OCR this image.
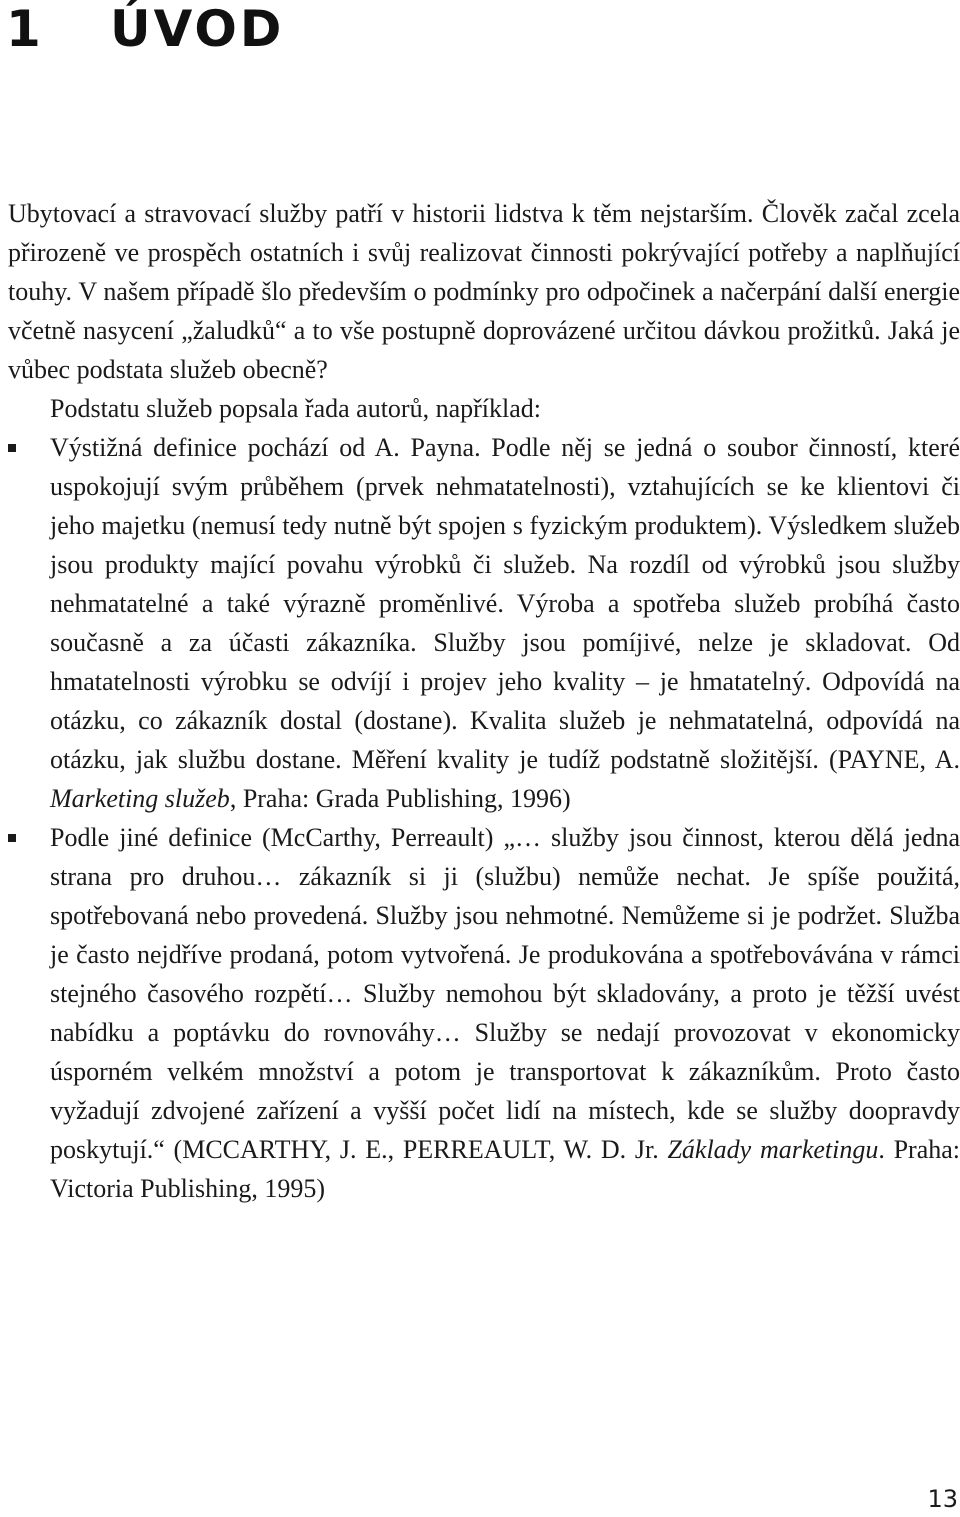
1 ÚVOD

Ubytovací a stravovací služby patří v historii lidstva k těm nejstarším. Člověk začal zcela přirozeně ve prospěch ostatních i svůj realizovat činnosti pokrývající potřeby a naplňující touhy. V našem případě šlo především o podmínky pro odpočinek a načerpání další energie včetně nasycení „žaludků“ a to vše postupně doprovázené určitou dávkou prožitků. Jaká je vůbec podstata služeb obecně?

Podstatu služeb popsala řada autorů, například:

Výstižná definice pochází od A. Payna. Podle něj se jedná o soubor činností, které uspokojují svým průběhem (prvek nehmatatelnosti), vztahujících se ke klientovi či jeho majetku (nemusí tedy nutně být spojen s fyzickým produktem). Výsledkem služeb jsou produkty mající povahu výrobků či služeb. Na rozdíl od výrobků jsou služby nehmatatelné a také výrazně proměnlivé. Výroba a spotřeba služeb probíhá často současně a za účasti zákazníka. Služby jsou pomíjivé, nelze je skladovat. Od hmatatelnosti výrobku se odvíjí i projev jeho kvality – je hmatatelný. Odpovídá na otázku, co zákazník dostal (dostane). Kvalita služeb je nehmatatelná, odpovídá na otázku, jak službu dostane. Měření kvality je tudíž podstatně složitější. (PAYNE, A. Marketing služeb, Praha: Grada Publishing, 1996)
Podle jiné definice (McCarthy, Perreault) „… služby jsou činnost, kterou dělá jedna strana pro druhou… zákazník si ji (službu) nemůže nechat. Je spíše použitá, spotřebovaná nebo provedená. Služby jsou nehmotné. Nemůžeme si je podržet. Služba je často nejdříve prodaná, potom vytvořená. Je produkována a spotřebovávána v rámci stejného časového rozpětí… Služby nemohou být skladovány, a proto je těžší uvést nabídku a poptávku do rovnováhy… Služby se nedají provozovat v ekonomicky úsporném velkém množství a potom je transportovat k zákazníkům. Proto často vyžadují zdvojené zařízení a vyšší počet lidí na místech, kde se služby doopravdy poskytují.“ (MCCARTHY, J. E., PERREAULT, W. D. Jr. Základy marketingu. Praha: Victoria Publishing, 1995)

13
